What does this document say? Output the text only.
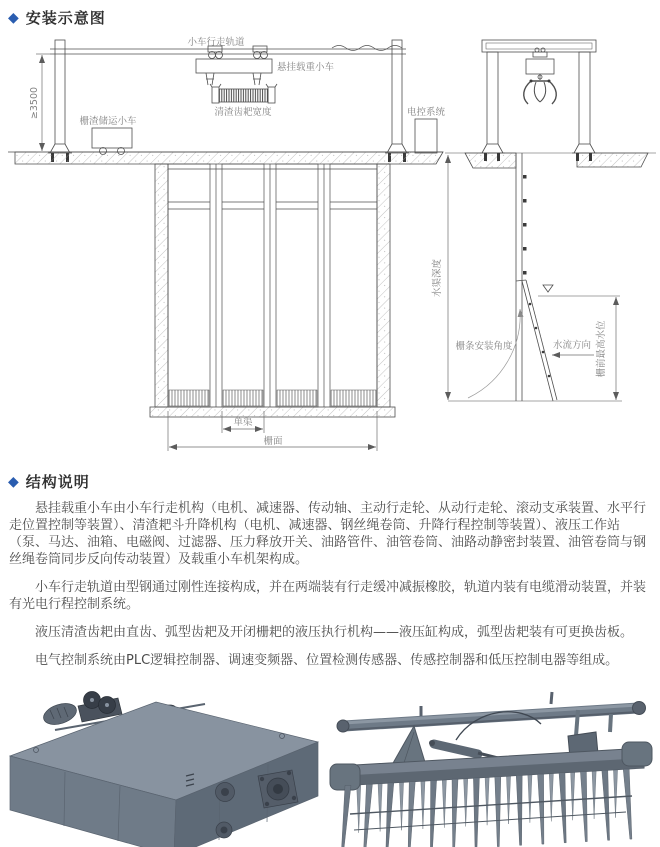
◆ 安装示意图
小车行走轨道
悬挂载重小车
清渣齿耙宽度
栅渣储运小车
≥3500	电控系统
水渠深度
栅条安装角度	水流方向 栅前最高水位
单渠
栅面
◆ 结构说明

悬挂载重小车由小车行走机构（电机、减速器、传动轴、主动行走轮、从动行走轮、滚动支承装置、水平行走位置控制等装置）、清渣耙斗升降机构（电机、减速器、钢丝绳卷筒、升降行程控制等装置）、液压工作站（泵、马达、油箱、电磁阀、过滤器、压力释放开关、油路管件、油管卷筒、油路动静密封装置、油管卷筒与钢丝绳卷筒同步反向传动装置）及载重小车机架构成。

小车行走轨道由型钢通过刚性连接构成，并在两端装有行走缓冲减振橡胶，轨道内装有电缆滑动装置，并装有光电行程控制系统。

液压清渣齿耙由直齿、弧型齿耙及开闭栅耙的液压执行机构——液压缸构成，弧型齿耙装有可更换齿板。

电气控制系统由PLC逻辑控制器、调速变频器、位置检测传感器、传感控制器和低压控制电器等组成。
